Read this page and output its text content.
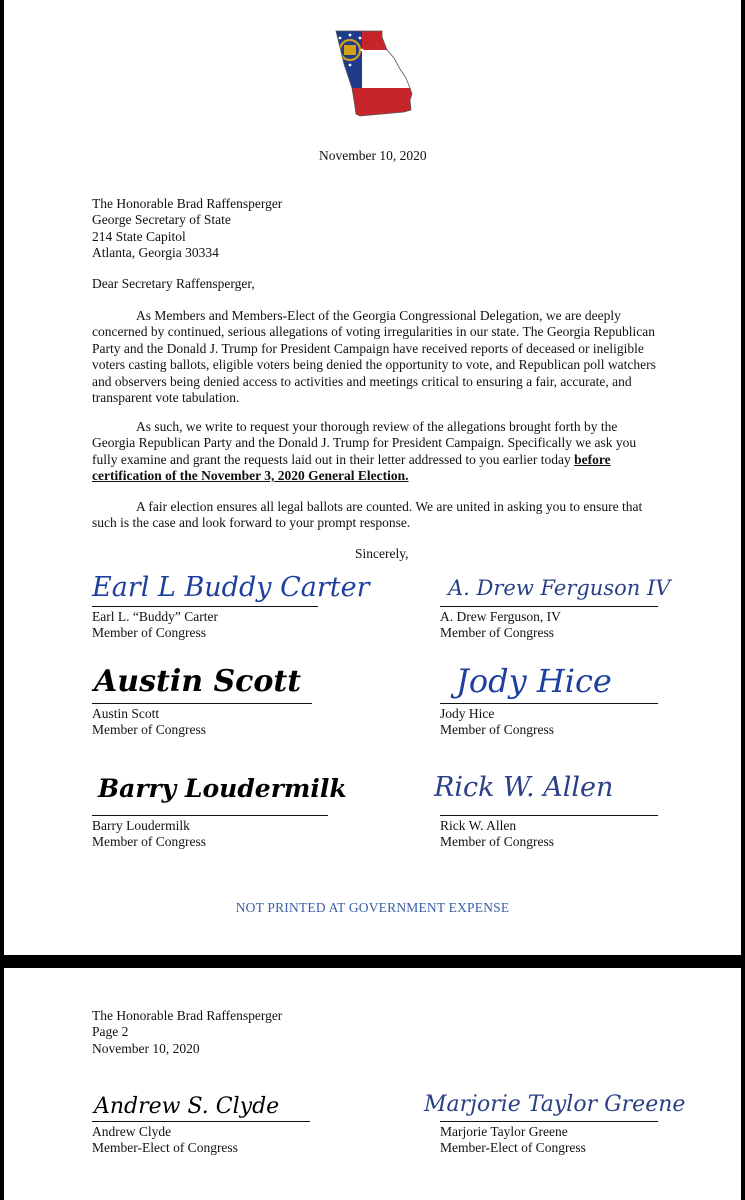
November 10, 2020
The Honorable Brad Raffensperger
George Secretary of State
214 State Capitol
Atlanta, Georgia 30334
Dear Secretary Raffensperger,

As Members and Members-Elect of the Georgia Congressional Delegation, we are deeply concerned by continued, serious allegations of voting irregularities in our state. The Georgia Republican Party and the Donald J. Trump for President Campaign have received reports of deceased or ineligible voters casting ballots, eligible voters being denied the opportunity to vote, and Republican poll watchers and observers being denied access to activities and meetings critical to ensuring a fair, accurate, and transparent vote tabulation.

As such, we write to request your thorough review of the allegations brought forth by the Georgia Republican Party and the Donald J. Trump for President Campaign. Specifically we ask you fully examine and grant the requests laid out in their letter addressed to you earlier today before certification of the November 3, 2020 General Election.

A fair election ensures all legal ballots are counted. We are united in asking you to ensure that such is the case and look forward to your prompt response.

Sincerely,
Earl L Buddy Carter
Earl L. “Buddy” Carter
Member of Congress
A. Drew Ferguson IV
A. Drew Ferguson, IV
Member of Congress
Austin Scott
Austin Scott
Member of Congress
Jody Hice
Jody Hice
Member of Congress
Barry Loudermilk
Barry Loudermilk
Member of Congress
Rick W. Allen
Rick W. Allen
Member of Congress
NOT PRINTED AT GOVERNMENT EXPENSE
The Honorable Brad Raffensperger
Page 2
November 10, 2020
Andrew S. Clyde
Andrew Clyde
Member-Elect of Congress
Marjorie Taylor Greene
Marjorie Taylor Greene
Member-Elect of Congress
